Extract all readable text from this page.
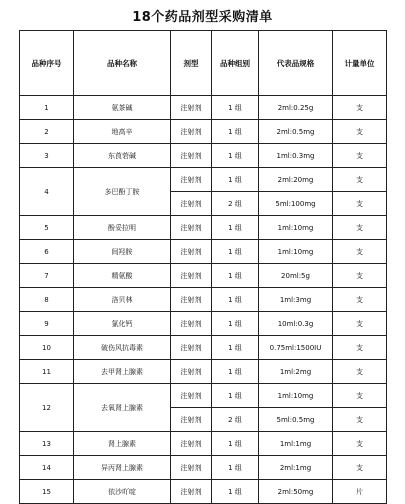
18个药品剂型采购清单
品种序号	品种名称	剂型	品种组别	代表品规格	计量单位
1	氨茶碱	注射剂	1 组	2ml:0.25g	支
2	地高辛	注射剂	1 组	2ml:0.5mg	支
3	东莨菪碱	注射剂	1 组	1ml:0.3mg	支
4	多巴酚丁胺	注射剂	1 组	2ml:20mg	支
		注射剂	2 组	5ml:100mg	支
5	酚妥拉明	注射剂	1 组	1ml:10mg	支
6	间羟胺	注射剂	1 组	1ml:10mg	支
7	精氨酸	注射剂	1 组	20ml:5g	支
8	洛贝林	注射剂	1 组	1ml:3mg	支
9	氯化钙	注射剂	1 组	10ml:0.3g	支
10	破伤风抗毒素	注射剂	1 组	0.75ml:1500IU	支
11	去甲肾上腺素	注射剂	1 组	1ml:2mg	支
12	去氧肾上腺素	注射剂	1 组	1ml:10mg	支
		注射剂	2 组	5ml:0.5mg	支
13	肾上腺素	注射剂	1 组	1ml:1mg	支
14	异丙肾上腺素	注射剂	1 组	2ml:1mg	支
15	依沙吖啶	注射剂	1 组	2ml:50mg	片
